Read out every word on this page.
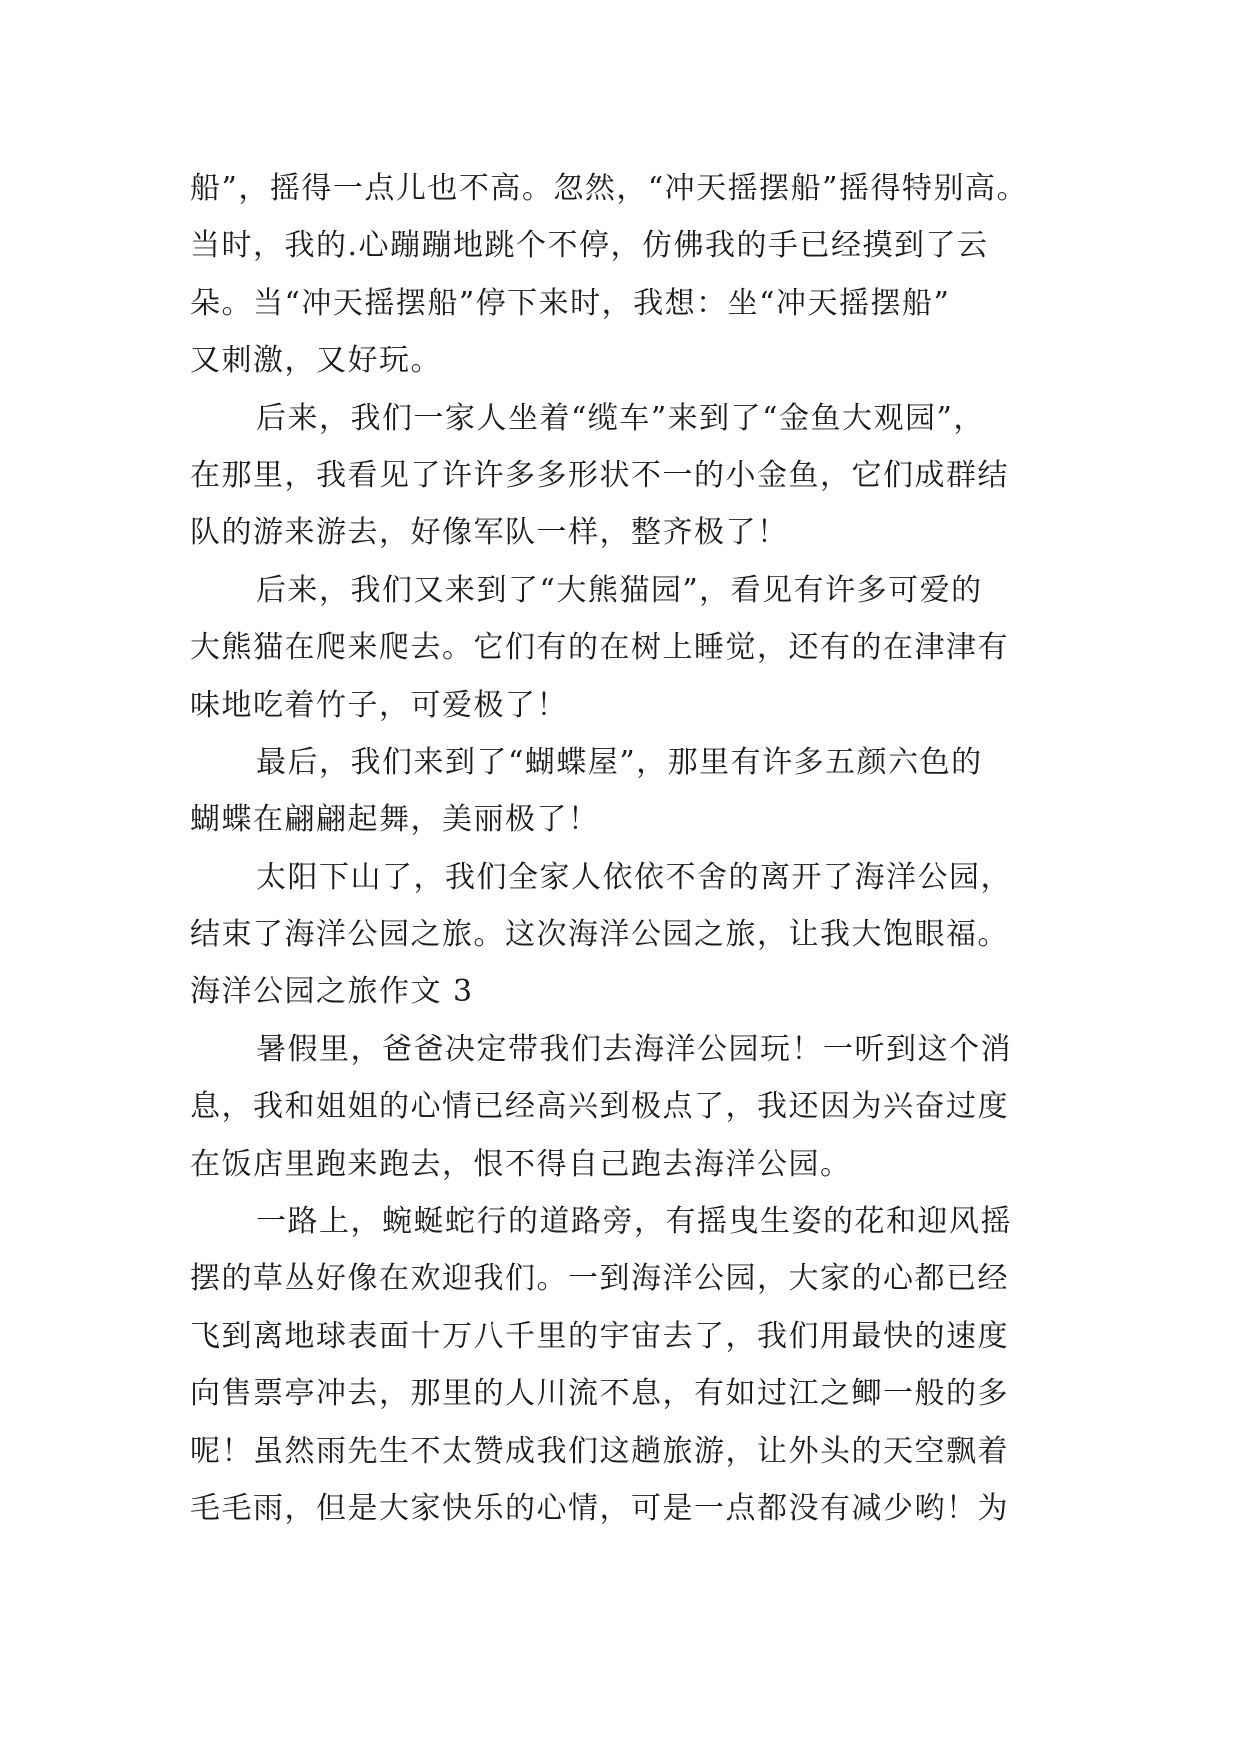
船”，摇得一点儿也不高。忽然，“冲天摇摆船”摇得特别高。
当时，我的.心蹦蹦地跳个不停，仿佛我的手已经摸到了云
朵。当“冲天摇摆船”停下来时，我想：坐“冲天摇摆船”
又刺激，又好玩。
后来，我们一家人坐着“缆车”来到了“金鱼大观园”，
在那里，我看见了许许多多形状不一的小金鱼，它们成群结
队的游来游去，好像军队一样，整齐极了！
后来，我们又来到了“大熊猫园”，看见有许多可爱的
大熊猫在爬来爬去。它们有的在树上睡觉，还有的在津津有
味地吃着竹子，可爱极了！
最后，我们来到了“蝴蝶屋”，那里有许多五颜六色的
蝴蝶在翩翩起舞，美丽极了！
太阳下山了，我们全家人依依不舍的离开了海洋公园，
结束了海洋公园之旅。这次海洋公园之旅，让我大饱眼福。
海洋公园之旅作文 3
暑假里，爸爸决定带我们去海洋公园玩！一听到这个消
息，我和姐姐的心情已经高兴到极点了，我还因为兴奋过度
在饭店里跑来跑去，恨不得自己跑去海洋公园。
一路上，蜿蜒蛇行的道路旁，有摇曳生姿的花和迎风摇
摆的草丛好像在欢迎我们。一到海洋公园，大家的心都已经
飞到离地球表面十万八千里的宇宙去了，我们用最快的速度
向售票亭冲去，那里的人川流不息，有如过江之鲫一般的多
呢！虽然雨先生不太赞成我们这趟旅游，让外头的天空飘着
毛毛雨，但是大家快乐的心情，可是一点都没有减少哟！为
